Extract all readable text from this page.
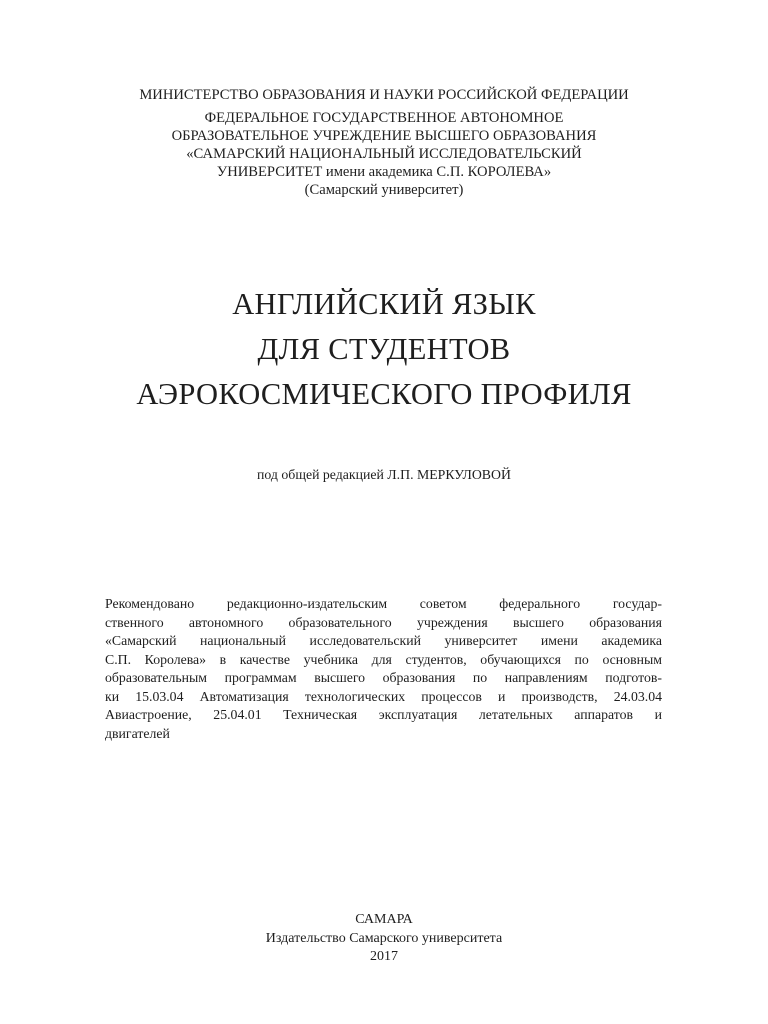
МИНИСТЕРСТВО ОБРАЗОВАНИЯ И НАУКИ РОССИЙСКОЙ ФЕДЕРАЦИИ
ФЕДЕРАЛЬНОЕ ГОСУДАРСТВЕННОЕ АВТОНОМНОЕ
ОБРАЗОВАТЕЛЬНОЕ УЧРЕЖДЕНИЕ ВЫСШЕГО ОБРАЗОВАНИЯ
«САМАРСКИЙ НАЦИОНАЛЬНЫЙ ИССЛЕДОВАТЕЛЬСКИЙ
УНИВЕРСИТЕТ имени академика С.П. КОРОЛЕВА»
(Самарский университет)
АНГЛИЙСКИЙ ЯЗЫК
ДЛЯ СТУДЕНТОВ
АЭРОКОСМИЧЕСКОГО ПРОФИЛЯ
под общей редакцией Л.П. МЕРКУЛОВОЙ
Рекомендовано редакционно-издательским советом федерального государ-
ственного автономного образовательного учреждения высшего образования
«Самарский национальный исследовательский университет имени академика
С.П. Королева» в качестве учебника для студентов, обучающихся по основным
образовательным программам высшего образования по направлениям подготов-
ки 15.03.04 Автоматизация технологических процессов и производств, 24.03.04
Авиастроение, 25.04.01 Техническая эксплуатация летательных аппаратов и
двигателей
САМАРА
Издательство Самарского университета
2017
